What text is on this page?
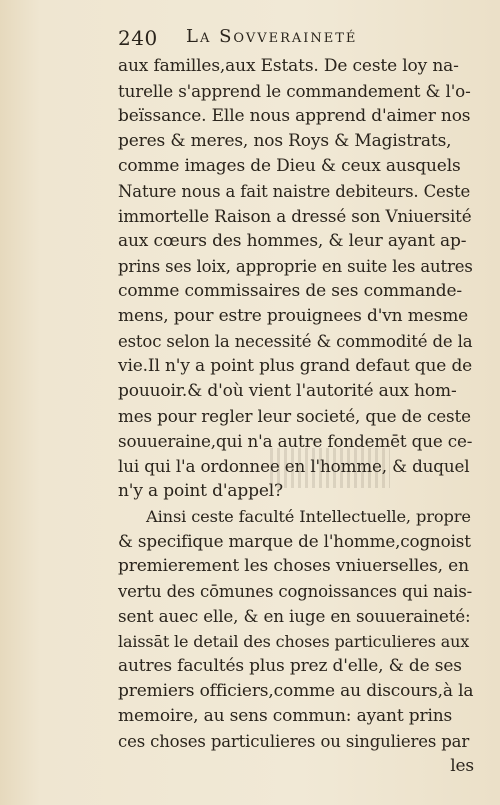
240 La Sovveraineté
aux familles,aux Estats. De ceste loy na-
turelle s'apprend le commandement & l'o-
beïssance. Elle nous apprend d'aimer nos
peres & meres, nos Roys & Magistrats,
comme images de Dieu & ceux ausquels
Nature nous a fait naistre debiteurs. Ceste
immortelle Raison a dressé son Vniuersité
aux cœurs des hommes, & leur ayant ap-
prins ses loix, approprie en suite les autres
comme commissaires de ses commande-
mens, pour estre prouignees d'vn mesme
estoc selon la necessité & commodité de la
vie.Il n'y a point plus grand defaut que de
pouuoir.& d'où vient l'autorité aux hom-
mes pour regler leur societé, que de ceste
souueraine,qui n'a autre fondemēt que ce-
lui qui l'a ordonnee en l'homme, & duquel
n'y a point d'appel?
Ainsi ceste faculté Intellectuelle, propre
& specifique marque de l'homme,cognoist
premierement les choses vniuerselles, en
vertu des cōmunes cognoissances qui nais-
sent auec elle, & en iuge en souueraineté:
laissāt le detail des choses particulieres aux
autres facultés plus prez d'elle, & de ses
premiers officiers,comme au discours,à la
memoire, au sens commun: ayant prins
ces choses particulieres ou singulieres par
les
